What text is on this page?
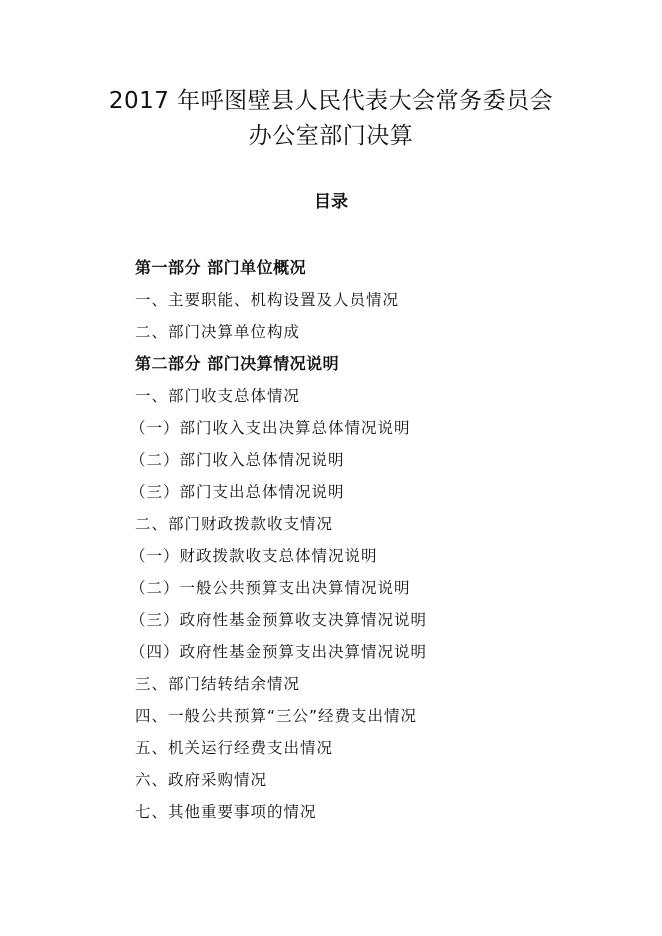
2017 年呼图壁县人民代表大会常务委员会
办公室部门决算
目录
第一部分 部门单位概况
一、主要职能、机构设置及人员情况
二、部门决算单位构成
第二部分 部门决算情况说明
一、部门收支总体情况
（一）部门收入支出决算总体情况说明
（二）部门收入总体情况说明
（三）部门支出总体情况说明
二、部门财政拨款收支情况
（一）财政拨款收支总体情况说明
（二）一般公共预算支出决算情况说明
（三）政府性基金预算收支决算情况说明
（四）政府性基金预算支出决算情况说明
三、部门结转结余情况
四、一般公共预算“三公”经费支出情况
五、机关运行经费支出情况
六、政府采购情况
七、其他重要事项的情况
